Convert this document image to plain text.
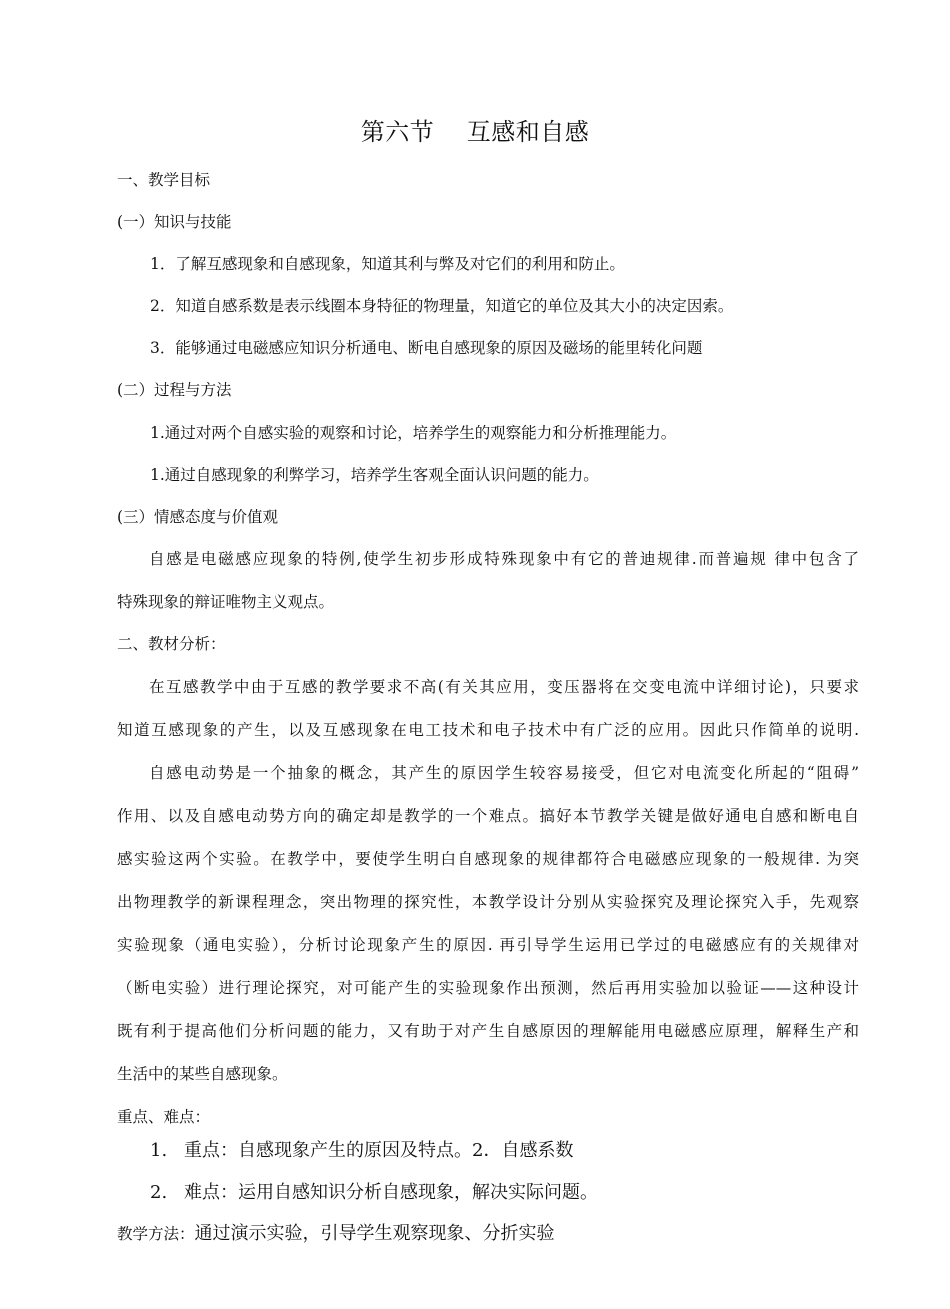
第六节    互感和自感
一、教学目标
(一）知识与技能
1．了解互感现象和自感现象，知道其利与弊及对它们的利用和防止。
2．知道自感系数是表示线圈本身特征的物理量，知道它的单位及其大小的决定因索。
3．能够通过电磁感应知识分析通电、断电自感现象的原因及磁场的能里转化问题
(二）过程与方法
1.通过对两个自感实验的观察和讨论，培养学生的观察能力和分析推理能力。
1.通过自感现象的利弊学习，培养学生客观全面认识问题的能力。
(三）情感态度与价值观
自感是电磁感应现象的特例,使学生初步形成特殊现象中有它的普迪规律.而普遍规 律中包含了
特殊现象的辩证唯物主义观点。
二、教材分析：
在互感教学中由于互感的教学要求不高(有关其应用，变压器将在交变电流中详细讨论)，只要求
知道互感现象的产生，以及互感现象在电工技术和电子技术中有广泛的应用。因此只作简单的说明.
自感电动势是一个抽象的概念，其产生的原因学生较容易接受，但它对电流变化所起的“阻碍”
作用、以及自感电动势方向的确定却是教学的一个难点。搞好本节教学关键是做好通电自感和断电自
感实验这两个实验。在教学中，要使学生明白自感现象的规律都符合电磁感应现象的一般规律. 为突
出物理教学的新课程理念，突出物理的探究性，本教学设计分别从实验探究及理论探究入手，先观察
实验现象（通电实验），分析讨论现象产生的原因. 再引导学生运用已学过的电磁感应有的关规律对
（断电实验）进行理论探究，对可能产生的实验现象作出预测，然后再用实验加以验证——这种设计
既有利于提高他们分析问题的能力，又有助于对产生自感原因的理解能用电磁感应原理，解释生产和
生活中的某些自感现象。
重点、难点：
1. 重点：自感现象产生的原因及特点。2．自感系数
2. 难点：运用自感知识分析自感现象，解决实际问题。
教学方法：通过演示实验，引导学生观察现象、分折实验
